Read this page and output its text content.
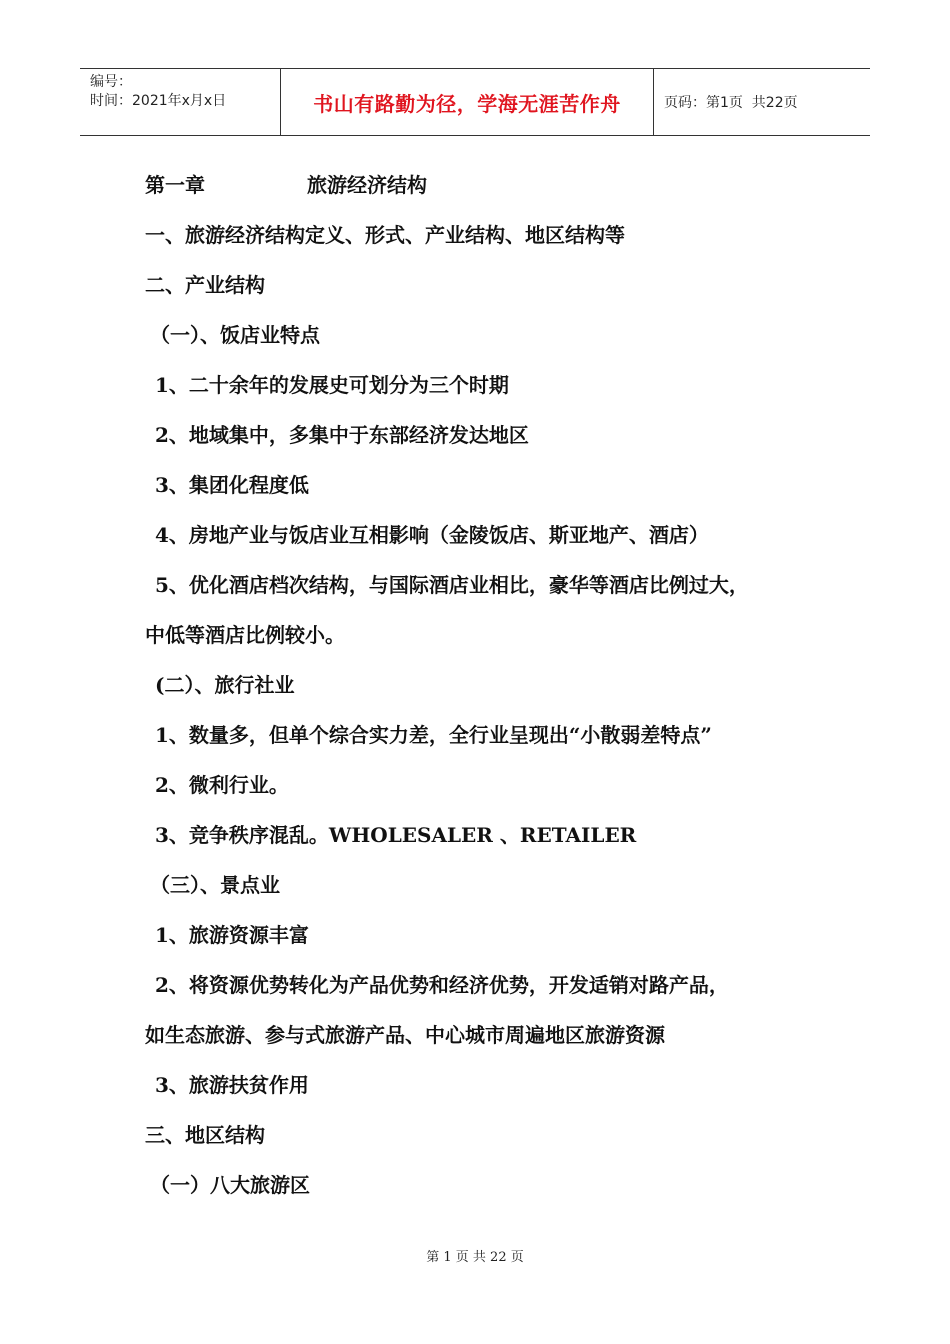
编号：
时间：2021年x月x日	书山有路勤为径，学海无涯苦作舟	页码：第1页  共22页
第一章	旅游经济结构
一、旅游经济结构定义、形式、产业结构、地区结构等
二、产业结构
（一）、饭店业特点
1、二十余年的发展史可划分为三个时期
2、地域集中，多集中于东部经济发达地区
3、集团化程度低
4、房地产业与饭店业互相影响（金陵饭店、斯亚地产、酒店）
5、优化酒店档次结构，与国际酒店业相比，豪华等酒店比例过大，
中低等酒店比例较小。
(二）、旅行社业
1、数量多，但单个综合实力差，全行业呈现出“小散弱差特点”
2、微利行业。
3、竞争秩序混乱。WHOLESALER 、RETAILER
（三）、景点业
1、旅游资源丰富
2、将资源优势转化为产品优势和经济优势，开发适销对路产品，
如生态旅游、参与式旅游产品、中心城市周遍地区旅游资源
3、旅游扶贫作用
三、地区结构
（一）八大旅游区
第 1 页 共 22 页
